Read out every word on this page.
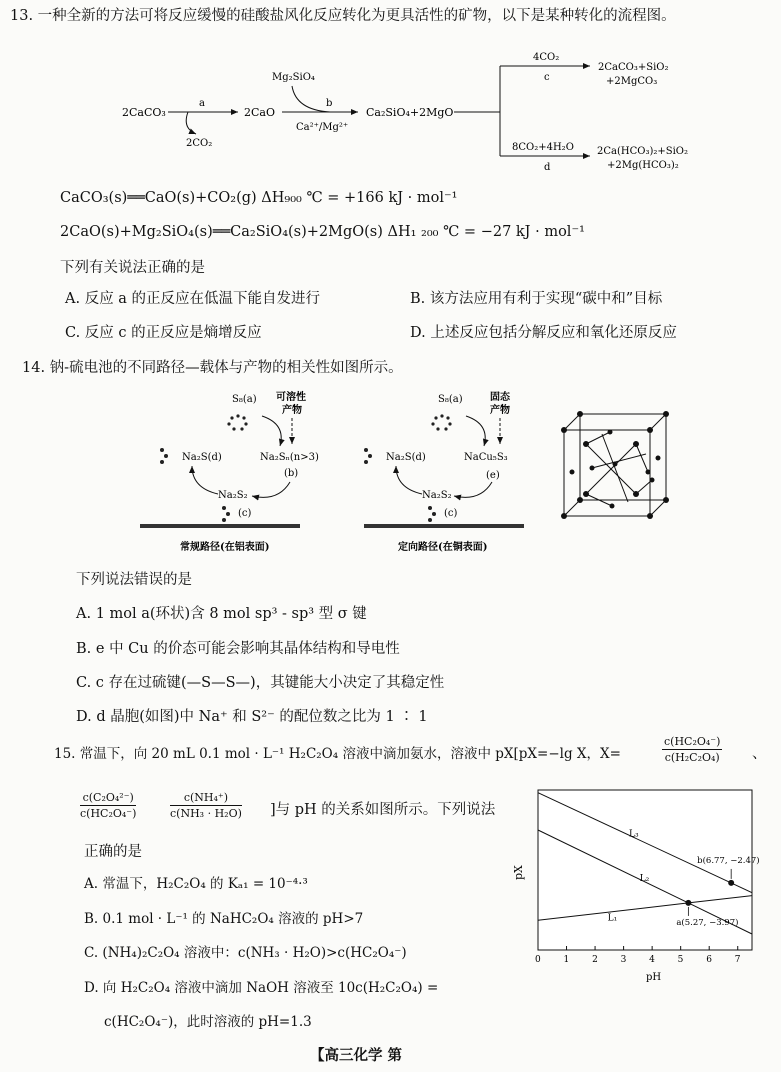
13. 一种全新的方法可将反应缓慢的硅酸盐风化反应转化为更具活性的矿物，以下是某种转化的流程图。
2CaCO₃
a
2CO₂
2CaO
Mg₂SiO₄
b
Ca²⁺/Mg²⁺
Ca₂SiO₄+2MgO
4CO₂
c
2CaCO₃+SiO₂
+2MgCO₃
8CO₂+4H₂O
d
2Ca(HCO₃)₂+SiO₂
+2Mg(HCO₃)₂
CaCO₃(s)══CaO(s)+CO₂(g) ΔH₉₀₀ ℃ = +166 kJ · mol⁻¹
2CaO(s)+Mg₂SiO₄(s)══Ca₂SiO₄(s)+2MgO(s) ΔH₁ ₂₀₀ ℃ = −27 kJ · mol⁻¹
下列有关说法正确的是
A. 反应 a 的正反应在低温下能自发进行	B. 该方法应用有利于实现“碳中和”目标
C. 反应 c 的正反应是熵增反应	D. 上述反应包括分解反应和氧化还原反应
14. 钠-硫电池的不同路径—载体与产物的相关性如图所示。
S₈(a) 可溶性
产物
Na₂S(d)	Na₂Sₙ(n>3)
(b)
Na₂S₂
(c)
常规路径(在铝表面)
S₈(a)	固态
产物
Na₂S(d)	NaCu₅S₃
(e)
Na₂S₂
(c)
定向路径(在铜表面)
下列说法错误的是
A. 1 mol a(环状)含 8 mol sp³ - sp³ 型 σ 键
B. e 中 Cu 的价态可能会影响其晶体结构和导电性
C. c 存在过硫键(—S—S—)，其键能大小决定了其稳定性
D. d 晶胞(如图)中 Na⁺ 和 S²⁻ 的配位数之比为 1 ∶ 1
15. 常温下，向 20 mL 0.1 mol · L⁻¹ H₂C₂O₄ 溶液中滴加氨水，溶液中 pX[pX=−lg X，X=
c(HC₂O₄⁻)
c(H₂C₂O₄) 、
c(C₂O₄²⁻)
c(HC₂O₄⁻)
c(NH₄⁺)
c(NH₃ · H₂O) ]与 pH 的关系如图所示。下列说法
正确的是
A. 常温下，H₂C₂O₄ 的 Kₐ₁ = 10⁻⁴·³
B. 0.1 mol · L⁻¹ 的 NaHC₂O₄ 溶液的 pH>7
C. (NH₄)₂C₂O₄ 溶液中：c(NH₃ · H₂O)>c(HC₂O₄⁻)
D. 向 H₂C₂O₄ 溶液中滴加 NaOH 溶液至 10c(H₂C₂O₄) =
c(HC₂O₄⁻)，此时溶液的 pH=1.3
pX
pH
0	1	2	3	4	5	6	7
L₁
L₂
L₃
a(5.27, −3.97)
b(6.77, −2.47)
【高三化学 第
